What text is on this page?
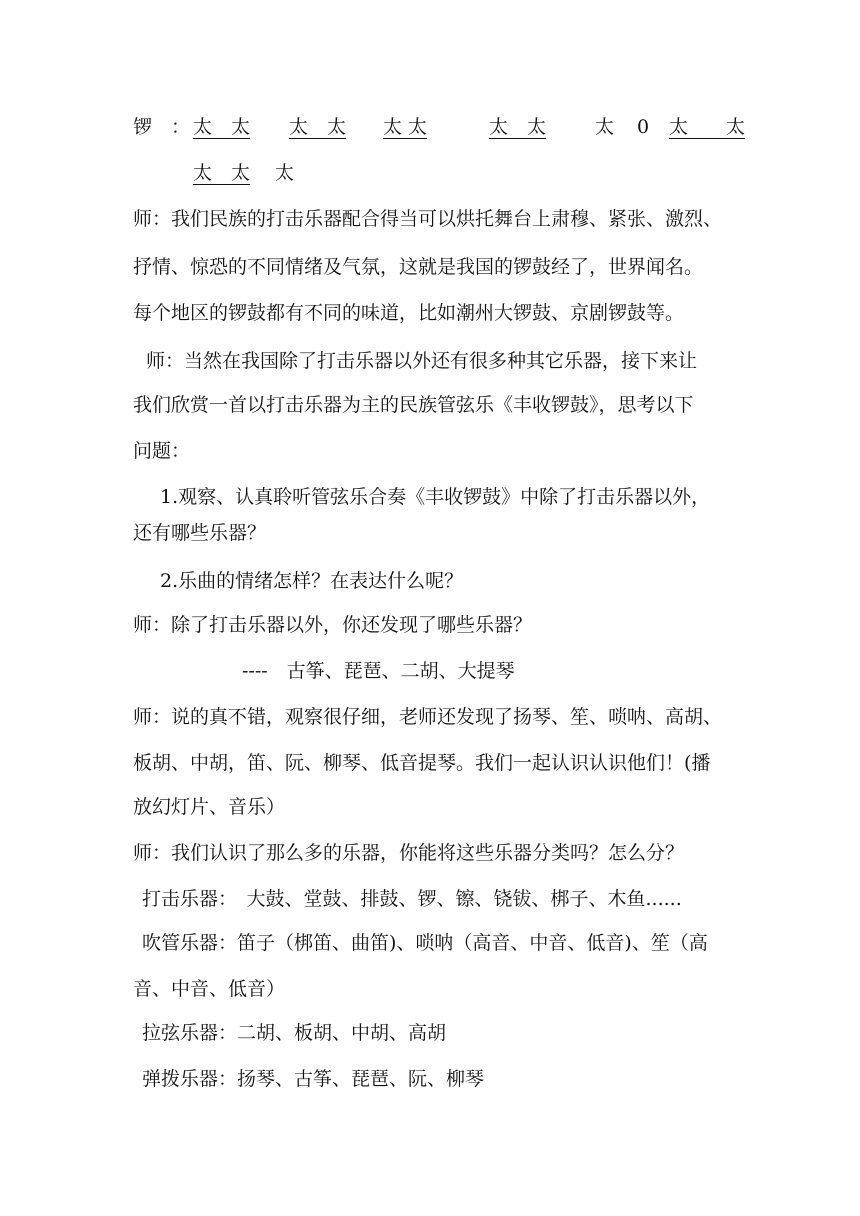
锣 ： 太　太 太　太 太 太	太　太	太 0 太　　太
太　太 太
师：我们民族的打击乐器配合得当可以烘托舞台上肃穆、紧张、激烈、
抒情、惊恐的不同情绪及气氛，这就是我国的锣鼓经了，世界闻名。
每个地区的锣鼓都有不同的味道，比如潮州大锣鼓、京剧锣鼓等。
师：当然在我国除了打击乐器以外还有很多种其它乐器，接下来让
我们欣赏一首以打击乐器为主的民族管弦乐《丰收锣鼓》，思考以下
问题：
1.观察、认真聆听管弦乐合奏《丰收锣鼓》中除了打击乐器以外，
还有哪些乐器？
2.乐曲的情绪怎样？在表达什么呢？
师：除了打击乐器以外，你还发现了哪些乐器？
----　古筝、琵琶、二胡、大提琴
师：说的真不错，观察很仔细，老师还发现了扬琴、笙、唢呐、高胡、
板胡、中胡，笛、阮、柳琴、低音提琴。我们一起认识认识他们！(播
放幻灯片、音乐）
师：我们认识了那么多的乐器，你能将这些乐器分类吗？怎么分？
打击乐器：　大鼓、堂鼓、排鼓、锣、镲、铙钹、梆子、木鱼......
吹管乐器：笛子（梆笛、曲笛)、唢呐（高音、中音、低音)、笙（高
音、中音、低音）
拉弦乐器：二胡、板胡、中胡、高胡
弹拨乐器：扬琴、古筝、琵琶、阮、柳琴
